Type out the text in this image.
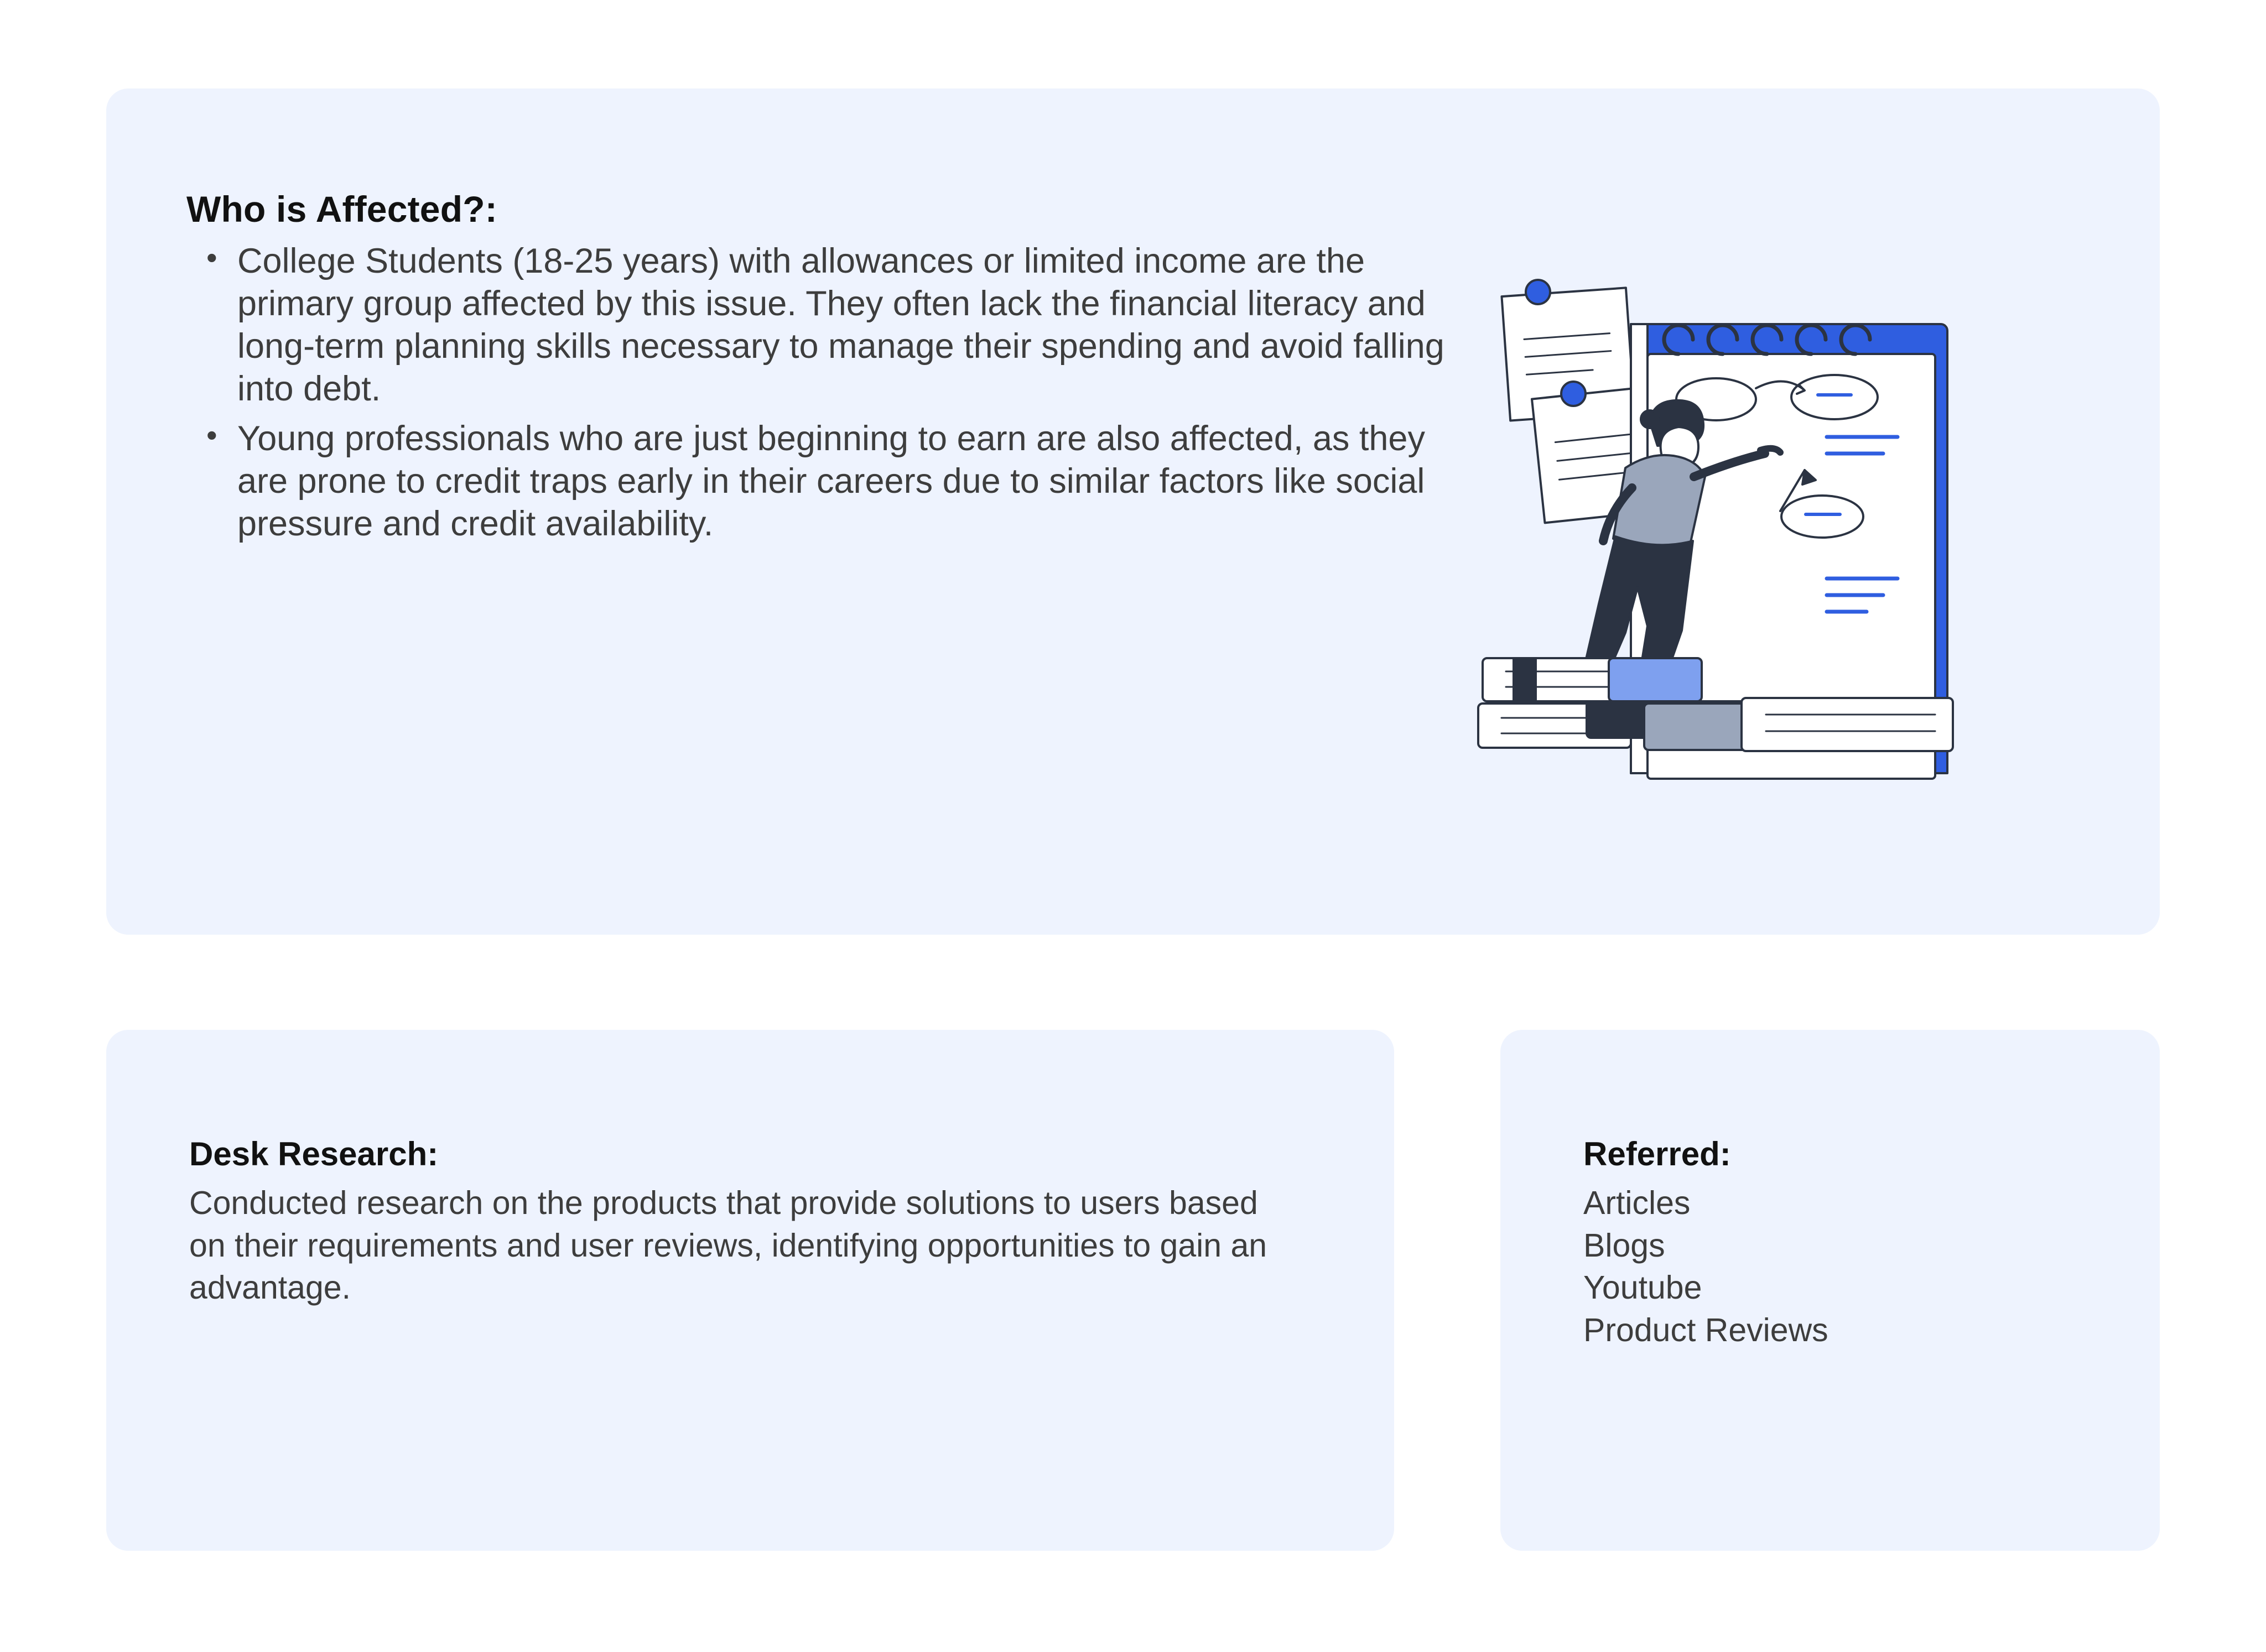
Who is Affected?:
• College Students (18-25 years) with allowances or limited income are the primary group affected by this issue. They often lack the financial literacy and long-term planning skills necessary to manage their spending and avoid falling into debt.
• Young professionals who are just beginning to earn are also affected, as they are prone to credit traps early in their careers due to similar factors like social pressure and credit availability.
Desk Research:

Conducted research on the products that provide solutions to users based on their requirements and user reviews, identifying opportunities to gain an advantage.

Referred:
Articles
Blogs
Youtube
Product Reviews
